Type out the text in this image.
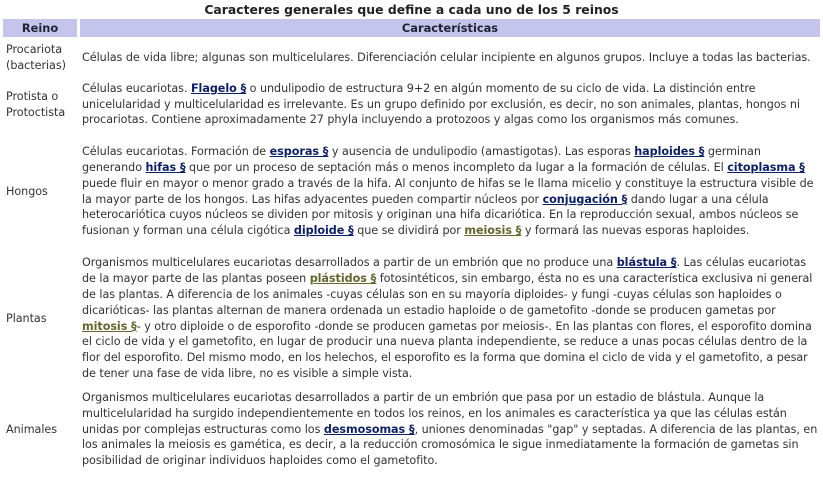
Caracteres generales que define a cada uno de los 5 reinos
Reino	Características
Procariota (bacterias)	Células de vida libre; algunas son multicelulares. Diferenciación celular incipiente en algunos grupos. Incluye a todas las bacterias.
Protista o Protoctista	Células eucariotas. Flagelo § o undulipodio de estructura 9+2 en algún momento de su ciclo de vida. La distinción entre unicelularidad y multicelularidad es irrelevante. Es un grupo definido por exclusión, es decir, no son animales, plantas, hongos ni procariotas. Contiene aproximadamente 27 phyla incluyendo a protozoos y algas como los organismos más comunes.
Hongos	Células eucariotas. Formación de esporas § y ausencia de undulipodio (amastigotas). Las esporas haploides § germinan generando hifas § que por un proceso de septación más o menos incompleto da lugar a la formación de células. El citoplasma § puede fluir en mayor o menor grado a través de la hifa. Al conjunto de hifas se le llama micelio y constituye la estructura visible de la mayor parte de los hongos. Las hifas adyacentes pueden compartir núcleos por conjugación § dando lugar a una célula heterocariótica cuyos núcleos se dividen por mitosis y originan una hifa dicariótica. En la reproducción sexual, ambos núcleos se fusionan y forman una célula cigótica diploide § que se dividirá por meiosis § y formará las nuevas esporas haploides.
Plantas	Organismos multicelulares eucariotas desarrollados a partir de un embrión que no produce una blástula §. Las células eucariotas de la mayor parte de las plantas poseen plástidos § fotosintéticos, sin embargo, ésta no es una característica exclusiva ni general de las plantas. A diferencia de los animales -cuyas células son en su mayoría diploides- y fungi -cuyas células son haploides o dicarióticas- las plantas alternan de manera ordenada un estadio haploide o de gametofito -donde se producen gametas por mitosis §- y otro diploide o de esporofito -donde se producen gametas por meiosis-. En las plantas con flores, el esporofito domina el ciclo de vida y el gametofito, en lugar de producir una nueva planta independiente, se reduce a unas pocas células dentro de la flor del esporofito. Del mismo modo, en los helechos, el esporofito es la forma que domina el ciclo de vida y el gametofito, a pesar de tener una fase de vida libre, no es visible a simple vista.
Animales	Organismos multicelulares eucariotas desarrollados a partir de un embrión que pasa por un estadio de blástula. Aunque la multicelularidad ha surgido independientemente en todos los reinos, en los animales es característica ya que las células están unidas por complejas estructuras como los desmosomas §, uniones denominadas "gap" y septadas. A diferencia de las plantas, en los animales la meiosis es gamética, es decir, a la reducción cromosómica le sigue inmediatamente la formación de gametas sin posibilidad de originar individuos haploides como el gametofito.
